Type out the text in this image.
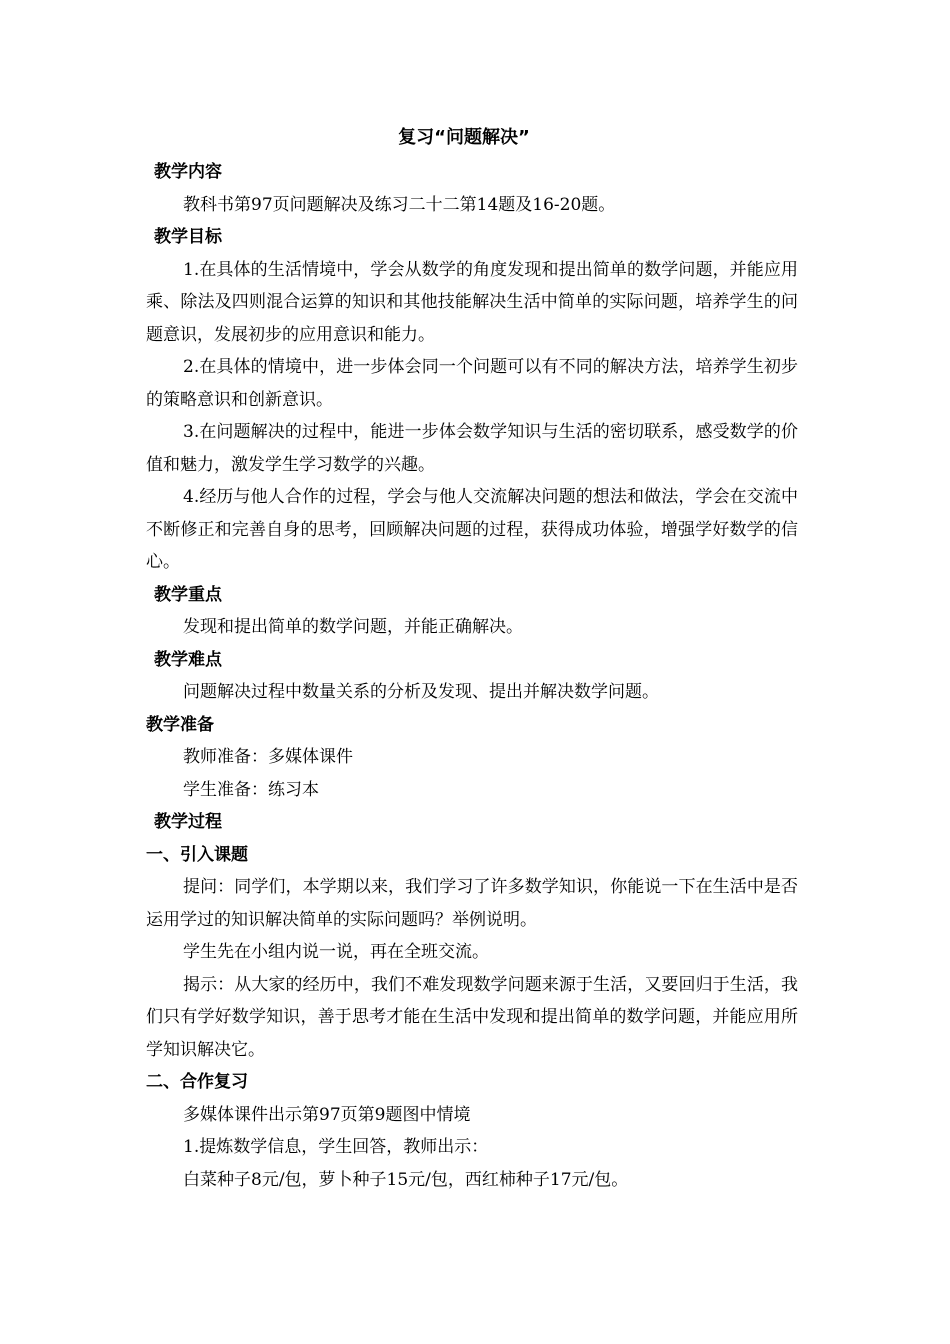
复习“问题解决”
教学内容
教科书第97页问题解决及练习二十二第14题及16-20题。
教学目标
1.在具体的生活情境中，学会从数学的角度发现和提出简单的数学问题，并能应用乘、除法及四则混合运算的知识和其他技能解决生活中简单的实际问题，培养学生的问题意识，发展初步的应用意识和能力。
2.在具体的情境中，进一步体会同一个问题可以有不同的解决方法，培养学生初步的策略意识和创新意识。
3.在问题解决的过程中，能进一步体会数学知识与生活的密切联系，感受数学的价值和魅力，激发学生学习数学的兴趣。
4.经历与他人合作的过程，学会与他人交流解决问题的想法和做法，学会在交流中不断修正和完善自身的思考，回顾解决问题的过程，获得成功体验，增强学好数学的信心。
教学重点
发现和提出简单的数学问题，并能正确解决。
教学难点
问题解决过程中数量关系的分析及发现、提出并解决数学问题。
教学准备
教师准备：多媒体课件
学生准备：练习本
教学过程
一、引入课题
提问：同学们，本学期以来，我们学习了许多数学知识，你能说一下在生活中是否运用学过的知识解决简单的实际问题吗？举例说明。
学生先在小组内说一说，再在全班交流。
揭示：从大家的经历中，我们不难发现数学问题来源于生活，又要回归于生活，我们只有学好数学知识，善于思考才能在生活中发现和提出简单的数学问题，并能应用所学知识解决它。
二、合作复习
多媒体课件出示第97页第9题图中情境
1.提炼数学信息，学生回答，教师出示：
白菜种子8元/包，萝卜种子15元/包，西红柿种子17元/包。
